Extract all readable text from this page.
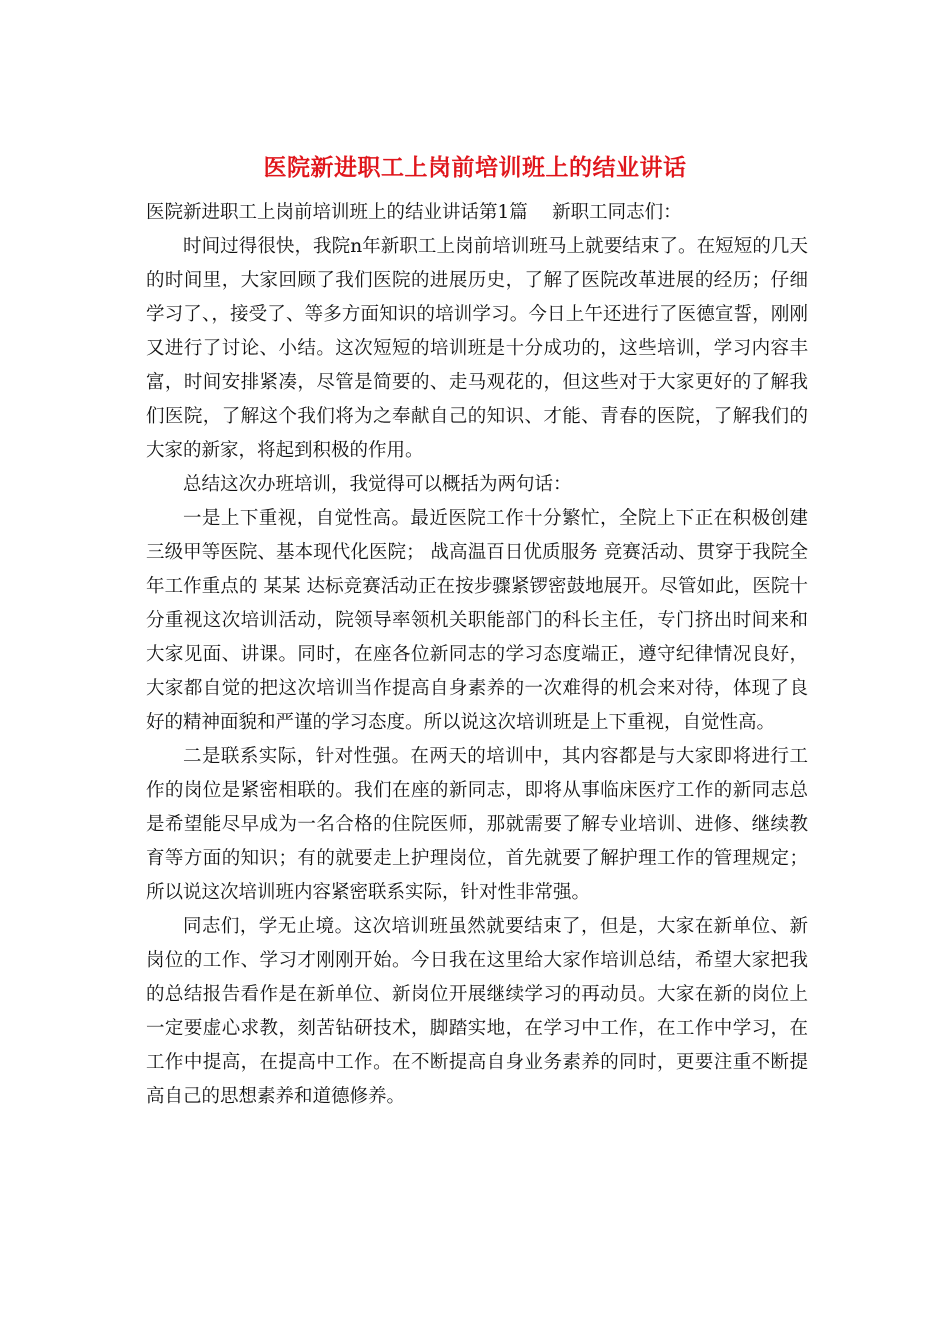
医院新进职工上岗前培训班上的结业讲话

医院新进职工上岗前培训班上的结业讲话第1篇　 新职工同志们：

时间过得很快，我院n年新职工上岗前培训班马上就要结束了。在短短的几天的时间里，大家回顾了我们医院的进展历史，了解了医院改革进展的经历；仔细学习了、，接受了、等多方面知识的培训学习。今日上午还进行了医德宣誓，刚刚又进行了讨论、小结。这次短短的培训班是十分成功的，这些培训，学习内容丰富，时间安排紧凑，尽管是简要的、走马观花的，但这些对于大家更好的了解我们医院，了解这个我们将为之奉献自己的知识、才能、青春的医院，了解我们的大家的新家，将起到积极的作用。

总结这次办班培训，我觉得可以概括为两句话：

一是上下重视，自觉性高。最近医院工作十分繁忙，全院上下正在积极创建三级甲等医院、基本现代化医院； 战高温百日优质服务 竞赛活动、贯穿于我院全年工作重点的 某某 达标竞赛活动正在按步骤紧锣密鼓地展开。尽管如此，医院十分重视这次培训活动，院领导率领机关职能部门的科长主任，专门挤出时间来和大家见面、讲课。同时，在座各位新同志的学习态度端正，遵守纪律情况良好，大家都自觉的把这次培训当作提高自身素养的一次难得的机会来对待，体现了良好的精神面貌和严谨的学习态度。所以说这次培训班是上下重视，自觉性高。

二是联系实际，针对性强。在两天的培训中，其内容都是与大家即将进行工作的岗位是紧密相联的。我们在座的新同志，即将从事临床医疗工作的新同志总是希望能尽早成为一名合格的住院医师，那就需要了解专业培训、进修、继续教育等方面的知识；有的就要走上护理岗位，首先就要了解护理工作的管理规定；所以说这次培训班内容紧密联系实际，针对性非常强。

同志们，学无止境。这次培训班虽然就要结束了，但是，大家在新单位、新岗位的工作、学习才刚刚开始。今日我在这里给大家作培训总结，希望大家把我的总结报告看作是在新单位、新岗位开展继续学习的再动员。大家在新的岗位上一定要虚心求教，刻苦钻研技术，脚踏实地，在学习中工作，在工作中学习，在工作中提高，在提高中工作。在不断提高自身业务素养的同时，更要注重不断提高自己的思想素养和道德修养。
